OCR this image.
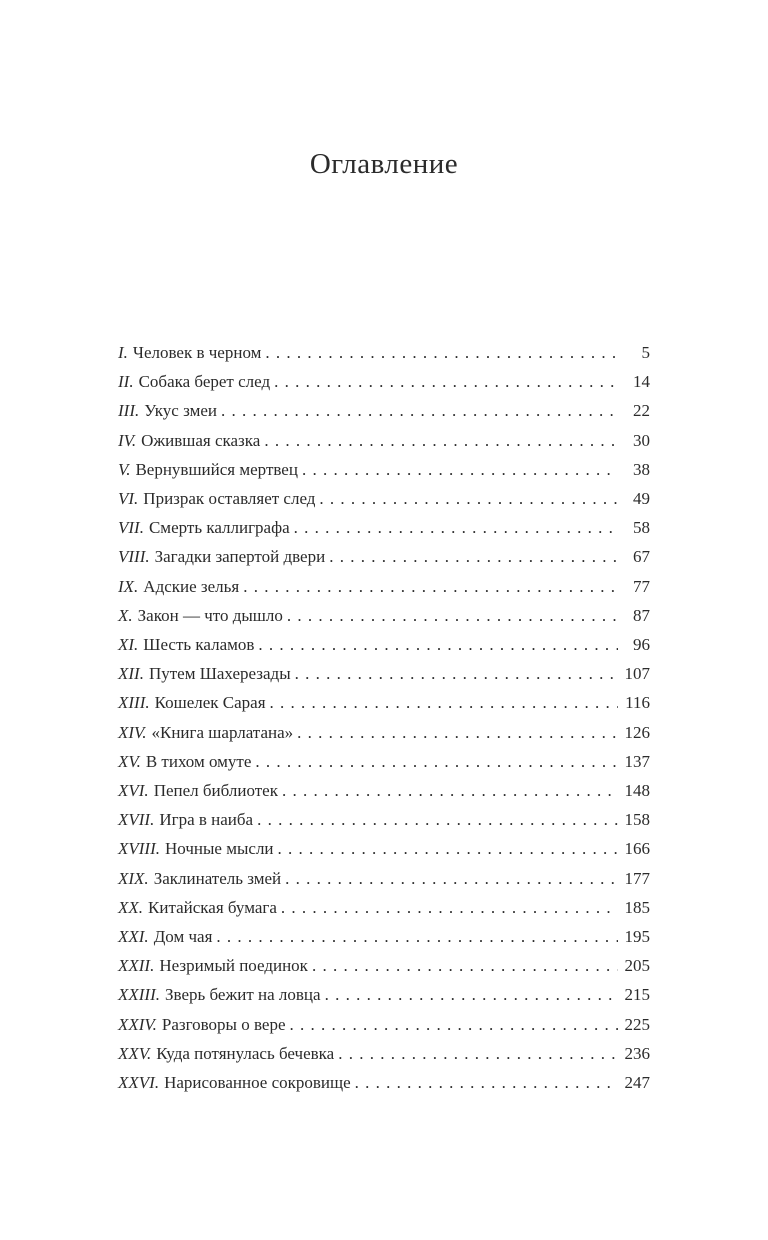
Оглавление
I. Человек в черном . . .	5
II. Собака берет след . . .	14
III. Укус змеи . . .	22
IV. Ожившая сказка . . .	30
V. Вернувшийся мертвец . . .	38
VI. Призрак оставляет след . . .	49
VII. Смерть каллиграфа . . .	58
VIII. Загадки запертой двери . . .	67
IX. Адские зелья . . .	77
X. Закон — что дышло . . .	87
XI. Шесть каламов . . .	96
XII. Путем Шахерезады . . .	107
XIII. Кошелек Сарая . . .	116
XIV. «Книга шарлатана» . . .	126
XV. В тихом омуте . . .	137
XVI. Пепел библиотек . . .	148
XVII. Игра в наиба . . .	158
XVIII. Ночные мысли . . .	166
XIX. Заклинатель змей . . .	177
XX. Китайская бумага . . .	185
XXI. Дом чая . . .	195
XXII. Незримый поединок . . .	205
XXIII. Зверь бежит на ловца . . .	215
XXIV. Разговоры о вере . . .	225
XXV. Куда потянулась бечевка . . .	236
XXVI. Нарисованное сокровище . . .	247
